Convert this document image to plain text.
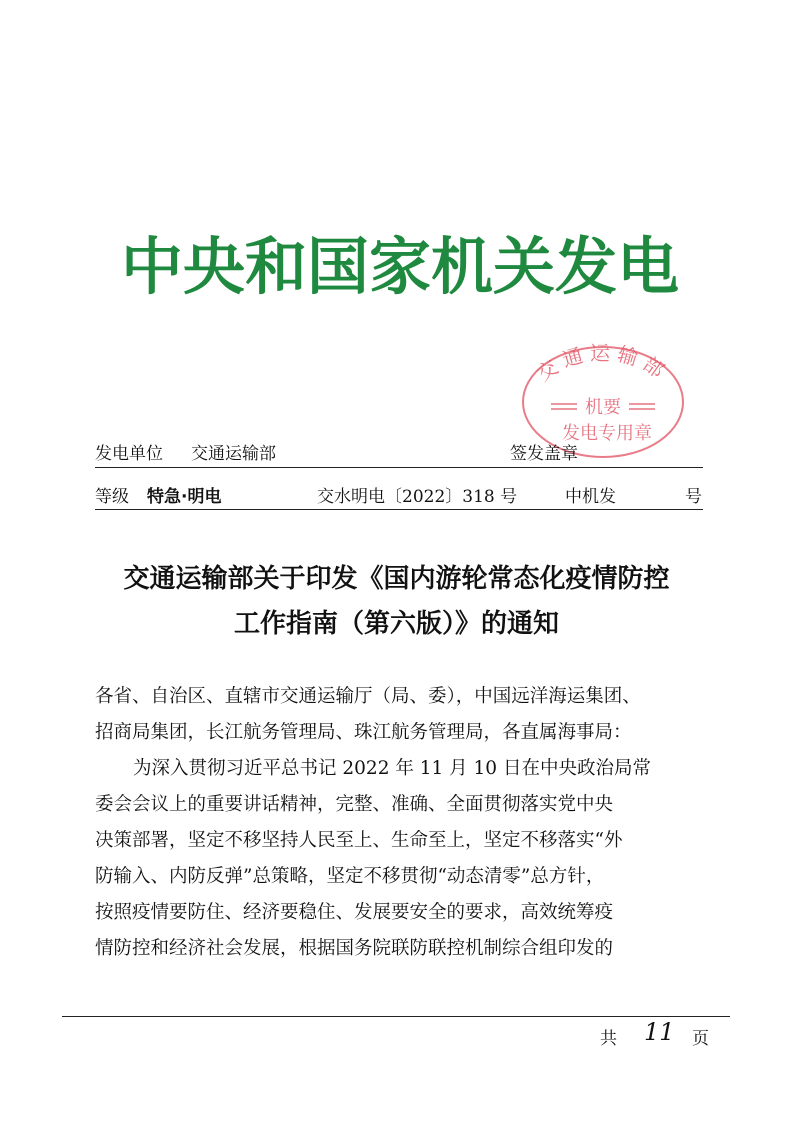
中央和国家机关发电
交通运输部
机要
发电专用章
发电单位 交通运输部	签发盖章
等级 特急·明电	交水明电〔2022〕318 号	中机发	号
交通运输部关于印发《国内游轮常态化疫情防控
工作指南（第六版）》的通知
各省、自治区、直辖市交通运输厅（局、委），中国远洋海运集团、
招商局集团，长江航务管理局、珠江航务管理局，各直属海事局：
为深入贯彻习近平总书记 2022 年 11 月 10 日在中央政治局常
委会会议上的重要讲话精神，完整、准确、全面贯彻落实党中央
决策部署，坚定不移坚持人民至上、生命至上，坚定不移落实“外
防输入、内防反弹”总策略，坚定不移贯彻“动态清零”总方针，
按照疫情要防住、经济要稳住、发展要安全的要求，高效统筹疫
情防控和经济社会发展，根据国务院联防联控机制综合组印发的
共 11 页
